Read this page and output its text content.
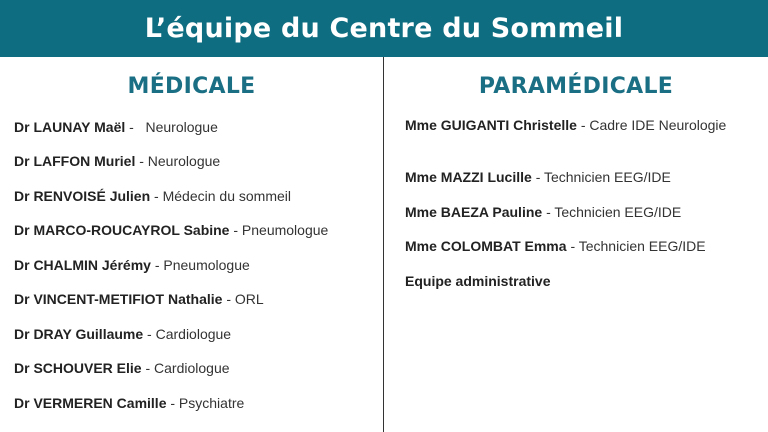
L’équipe du Centre du Sommeil
MÉDICALE
Dr LAUNAY Maël -   Neurologue
Dr LAFFON Muriel - Neurologue
Dr RENVOISÉ Julien - Médecin du sommeil
Dr MARCO-ROUCAYROL Sabine - Pneumologue
Dr CHALMIN Jérémy - Pneumologue
Dr VINCENT-METIFIOT Nathalie - ORL
Dr DRAY Guillaume - Cardiologue
Dr SCHOUVER Elie - Cardiologue
Dr VERMEREN Camille - Psychiatre
PARAMÉDICALE
Mme GUIGANTI Christelle - Cadre IDE Neurologie
Mme MAZZI Lucille - Technicien EEG/IDE
Mme BAEZA Pauline - Technicien EEG/IDE
Mme COLOMBAT Emma - Technicien EEG/IDE
Equipe administrative
